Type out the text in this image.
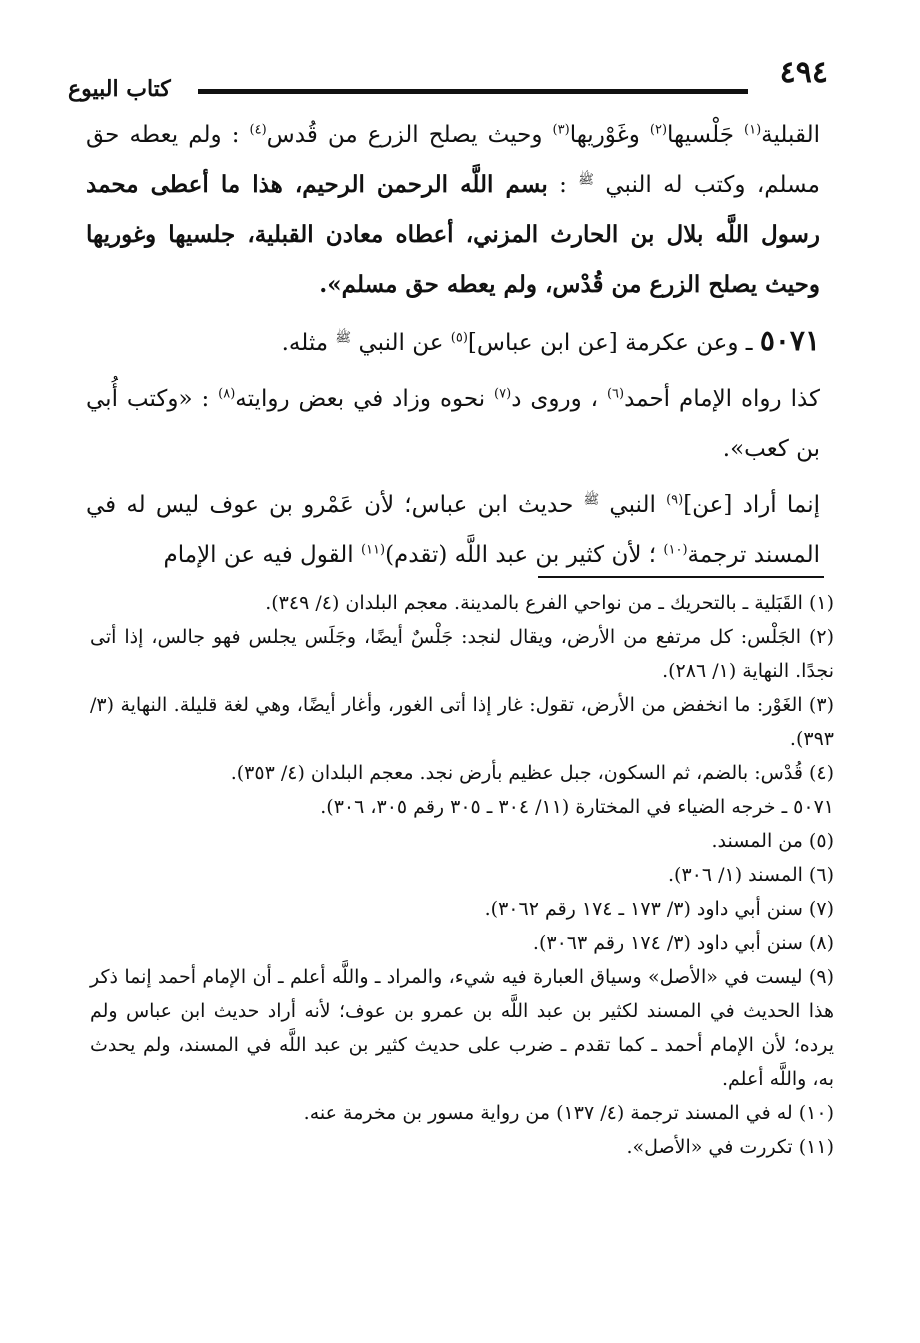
٤٩٤
كتاب البيوع

القبلية$^{(١)}$ جَلْسيها$^{(٢)}$ وغَوْريها$^{(٣)}$ وحيث يصلح الزرع من قُدس$^{(٤)}$ : ولم يعطه حق مسلم، وكتب له النبي $^ﷺ$ : بسم اللَّه الرحمن الرحيم، هذا ما أعطى محمد رسول اللَّه بلال بن الحارث المزني، أعطاه معادن القبلية، جلسيها وغوريها وحيث يصلح الزرع من قُدْس، ولم يعطه حق مسلم».

٥٠٧١ ـ وعن عكرمة [عن ابن عباس]$^{(٥)}$ عن النبي $^ﷺ$ مثله.

كذا رواه الإمام أحمد$^{(٦)}$ ، وروى د$^{(٧)}$ نحوه وزاد في بعض روايته$^{(٨)}$ : «وكتب أُبي بن كعب».

إنما أراد [عن]$^{(٩)}$ النبي $^ﷺ$ حديث ابن عباس؛ لأن عَمْرو بن عوف ليس له في المسند ترجمة$^{(١٠)}$ ؛ لأن كثير بن عبد اللَّه (تقدم)$^{(١١)}$ القول فيه عن الإمام

(١) القَبَلية ـ بالتحريك ـ من نواحي الفرع بالمدينة. معجم البلدان (٤/ ٣٤٩).

(٢) الجَلْس: كل مرتفع من الأرض، ويقال لنجد: جَلْسٌ أيضًا، وجَلَس يجلس فهو جالس، إذا أتى نجدًا. النهاية (١/ ٢٨٦).

(٣) الغَوْر: ما انخفض من الأرض، تقول: غار إذا أتى الغور، وأغار أيضًا، وهي لغة قليلة. النهاية (٣/ ٣٩٣).

(٤) قُدْس: بالضم، ثم السكون، جبل عظيم بأرض نجد. معجم البلدان (٤/ ٣٥٣).

٥٠٧١ ـ خرجه الضياء في المختارة (١١/ ٣٠٤ ـ ٣٠٥ رقم ٣٠٥، ٣٠٦).

(٥) من المسند.

(٦) المسند (١/ ٣٠٦).

(٧) سنن أبي داود (٣/ ١٧٣ ـ ١٧٤ رقم ٣٠٦٢).

(٨) سنن أبي داود (٣/ ١٧٤ رقم ٣٠٦٣).

(٩) ليست في «الأصل» وسياق العبارة فيه شيء، والمراد ـ واللَّه أعلم ـ أن الإمام أحمد إنما ذكر هذا الحديث في المسند لكثير بن عبد اللَّه بن عمرو بن عوف؛ لأنه أراد حديث ابن عباس ولم يرده؛ لأن الإمام أحمد ـ كما تقدم ـ ضرب على حديث كثير بن عبد اللَّه في المسند، ولم يحدث به، واللَّه أعلم.

(١٠) له في المسند ترجمة (٤/ ١٣٧) من رواية مسور بن مخرمة عنه.

(١١) تكررت في «الأصل».
